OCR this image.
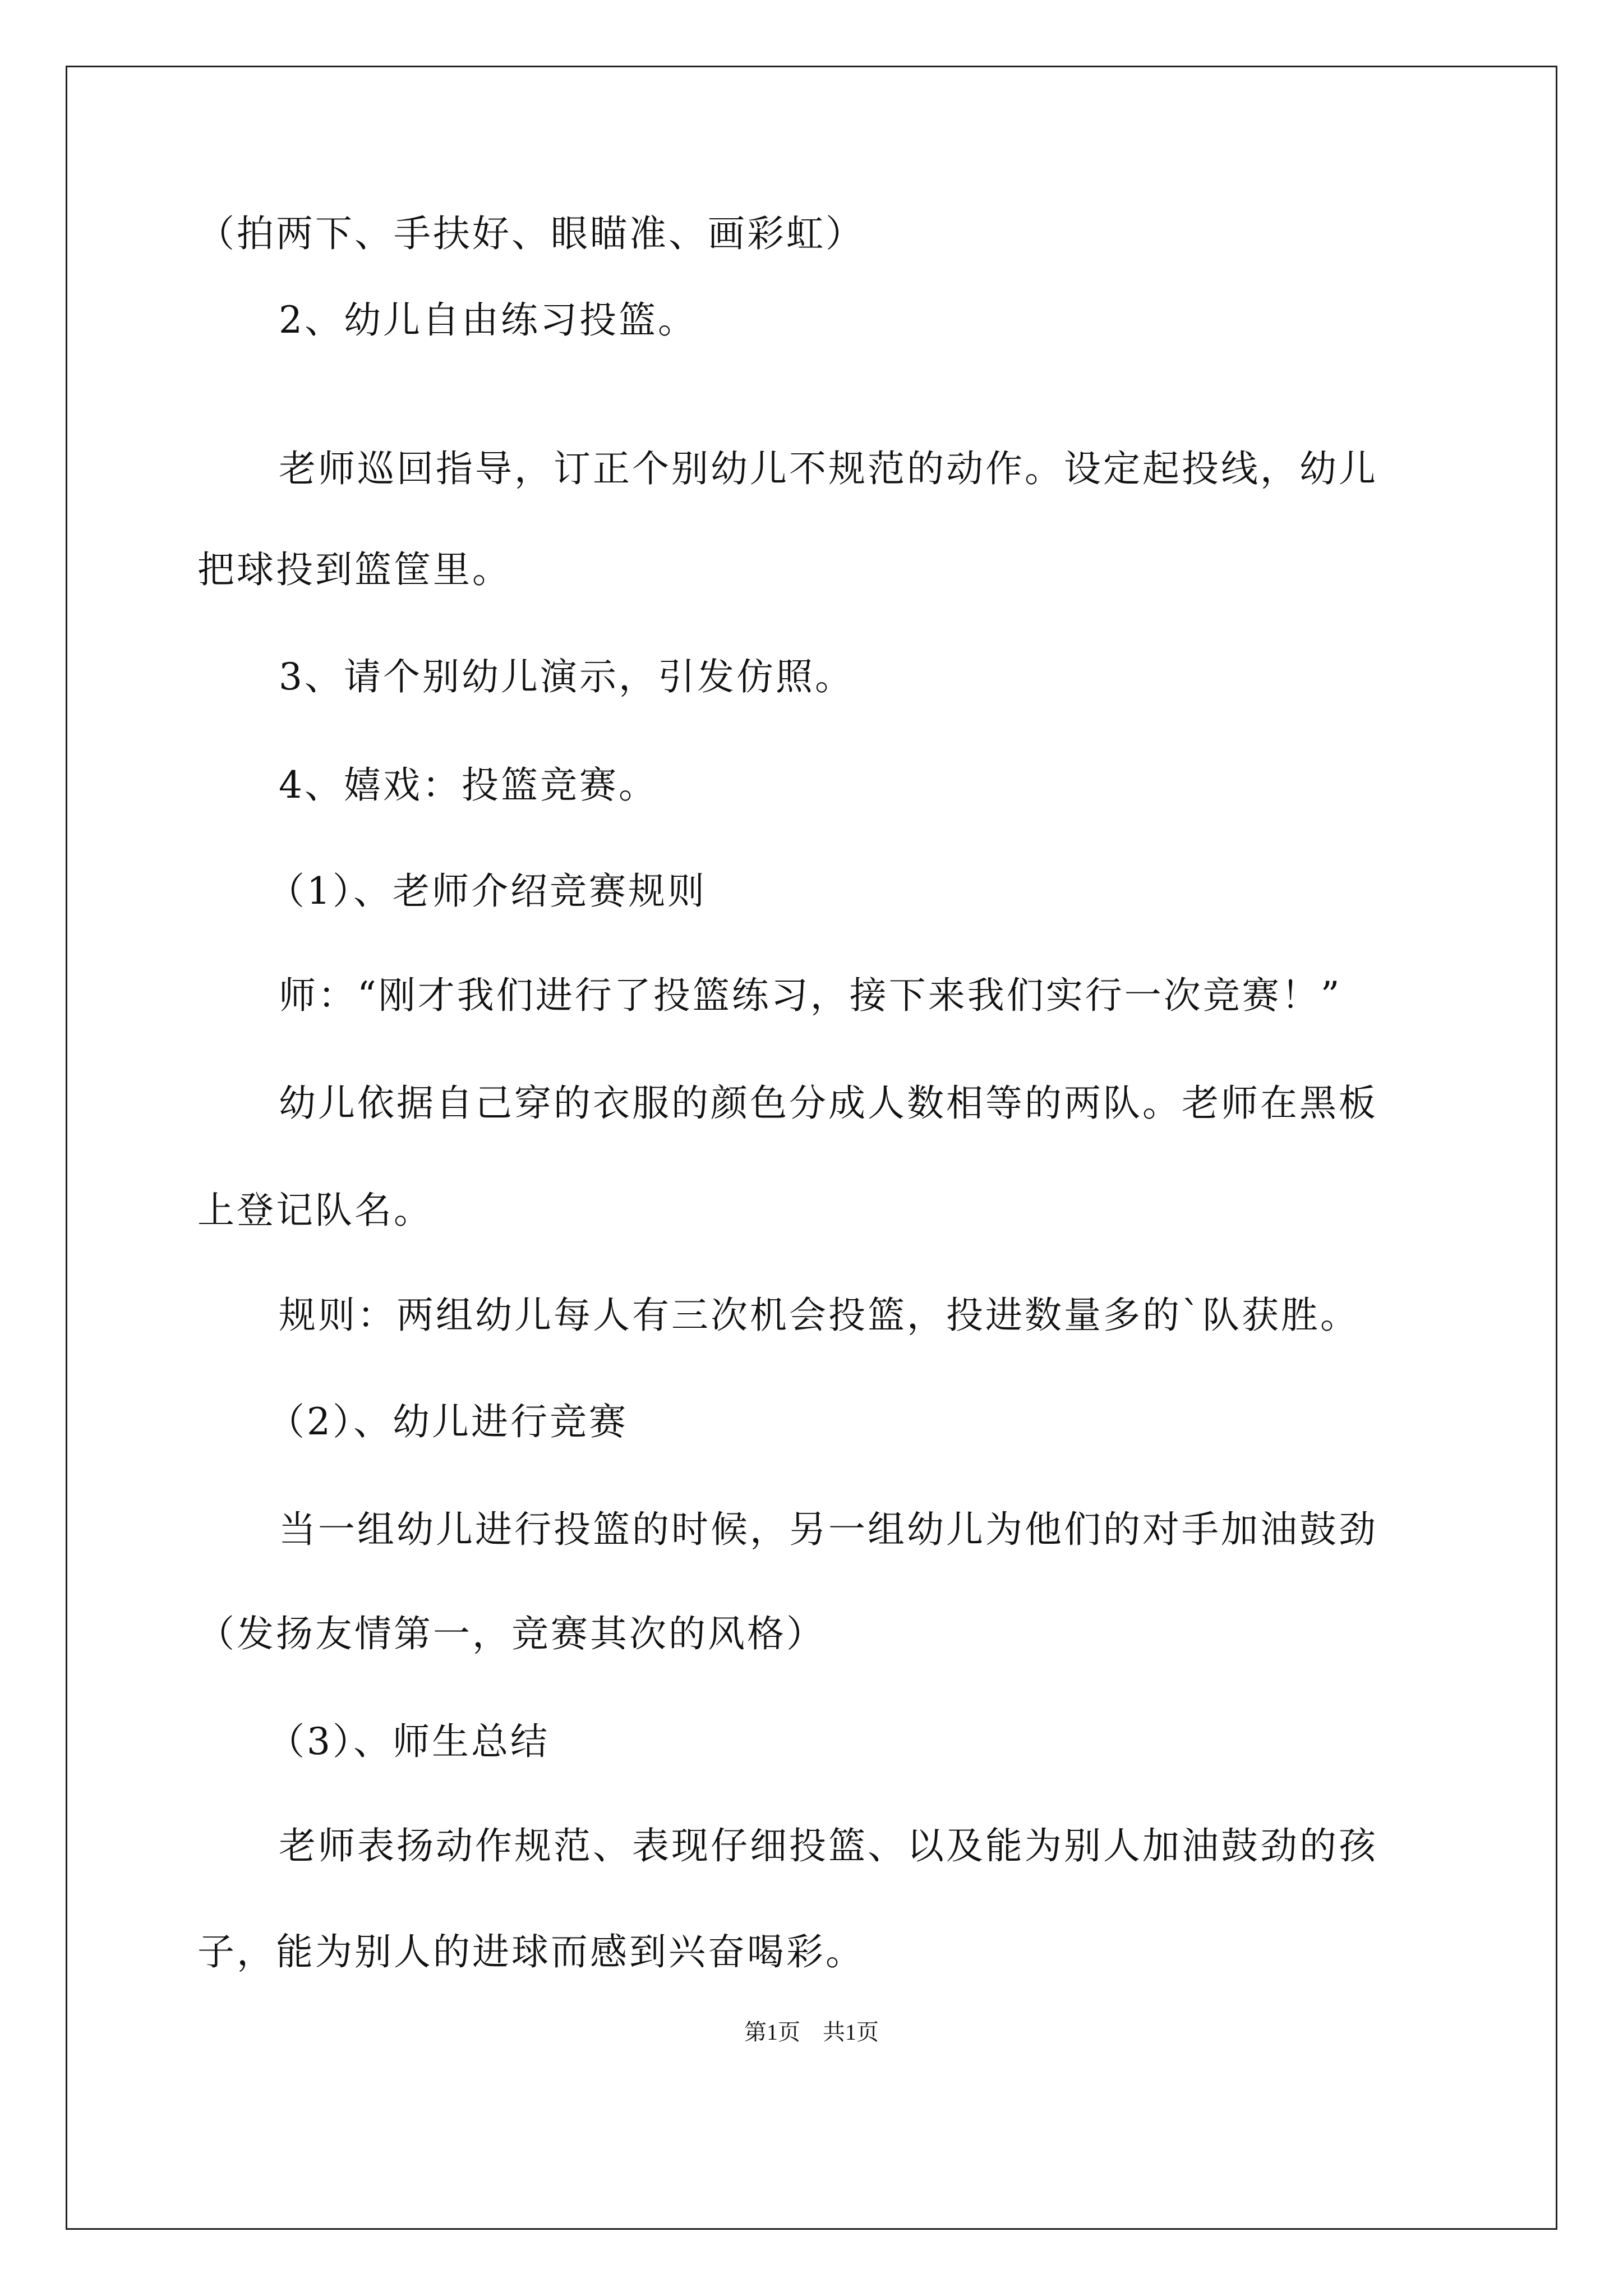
（拍两下、手扶好、眼瞄准、画彩虹）
2、幼儿自由练习投篮。
老师巡回指导，订正个别幼儿不规范的动作。设定起投线，幼儿
把球投到篮筐里。
3、请个别幼儿演示，引发仿照。
4、嬉戏：投篮竞赛。
（1）、老师介绍竞赛规则
师：“刚才我们进行了投篮练习，接下来我们实行一次竞赛！”
幼儿依据自己穿的衣服的颜色分成人数相等的两队。老师在黑板
上登记队名。
规则：两组幼儿每人有三次机会投篮，投进数量多的`队获胜。
（2）、幼儿进行竞赛
当一组幼儿进行投篮的时候，另一组幼儿为他们的对手加油鼓劲
（发扬友情第一，竞赛其次的风格）
（3）、师生总结
老师表扬动作规范、表现仔细投篮、以及能为别人加油鼓劲的孩
子，能为别人的进球而感到兴奋喝彩。
第1页　共1页
